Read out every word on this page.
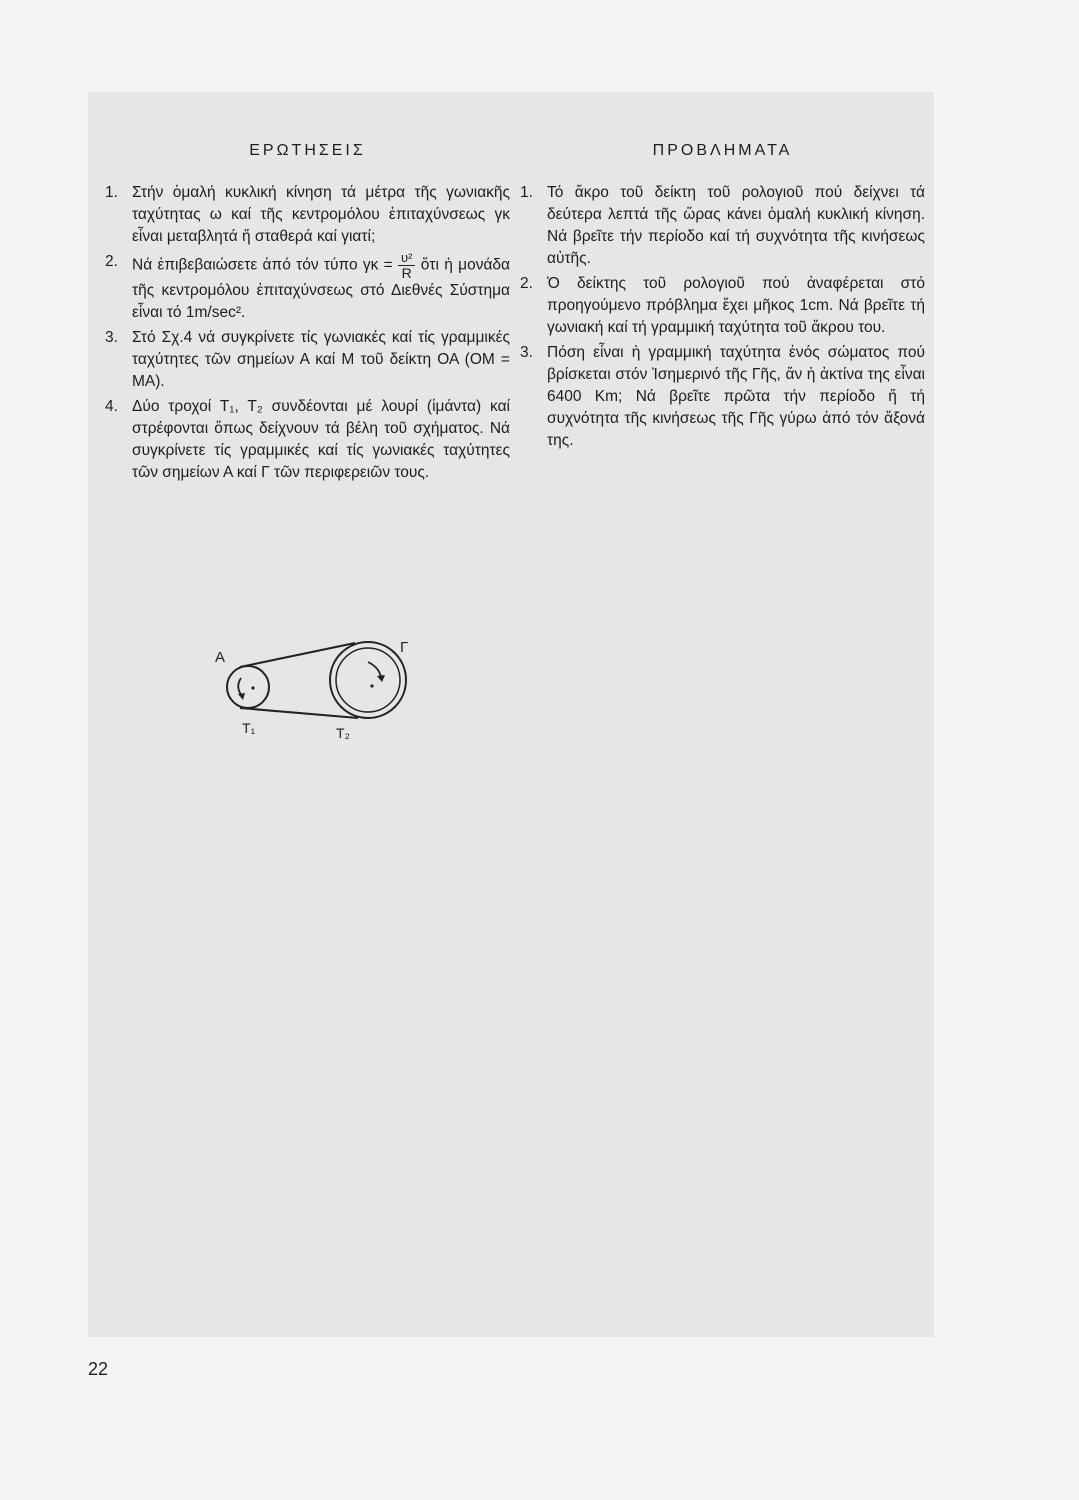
ΕΡΩΤΗΣΕΙΣ
1. Στήν ὁμαλή κυκλική κίνηση τά μέτρα τῆς γωνιακῆς ταχύτητας ω καί τῆς κεντρομόλου ἐπιταχύνσεως γκ εἶναι μεταβλητά ἤ σταθερά καί γιατί;
2. Νά ἐπιβεβαιώσετε ἀπό τόν τύπο $\gamma\kappa = \frac{\text{υ²}}{R}$ ὅτι ἡ μονάδα τῆς κεντρομόλου ἐπιταχύνσεως στό Διεθνές Σύστημα εἶναι τό 1m/sec².
3. Στό Σχ.4 νά συγκρίνετε τίς γωνιακές καί τίς γραμμικές ταχύτητες τῶν σημείων Α καί Μ τοῦ δείκτη ΟΑ (ΟΜ = ΜΑ).
4. Δύο τροχοί Τ₁, Τ₂ συνδέονται μέ λουρί (ἱμάντα) καί στρέφονται ὅπως δείχνουν τά βέλη τοῦ σχήματος. Νά συγκρίνετε τίς γραμμικές καί τίς γωνιακές ταχύτητες τῶν σημείων Α καί Γ τῶν περιφερειῶν τους.
ΠΡΟΒΛΗΜΑΤΑ
1. Τό ἄκρο τοῦ δείκτη τοῦ ρολογιοῦ πού δείχνει τά δεύτερα λεπτά τῆς ὥρας κάνει ὁμαλή κυκλική κίνηση. Νά βρεῖτε τήν περίοδο καί τή συχνότητα τῆς κινήσεως αὐτῆς.
2. Ὁ δείκτης τοῦ ρολογιοῦ πού ἀναφέρεται στό προηγούμενο πρόβλημα ἔχει μῆκος 1cm. Νά βρεῖτε τή γωνιακή καί τή γραμμική ταχύτητα τοῦ ἄκρου του.
3. Πόση εἶναι ἡ γραμμική ταχύτητα ἑνός σώματος πού βρίσκεται στόν Ἰσημερινό τῆς Γῆς, ἄν ἡ ἀκτίνα της εἶναι 6400 Km; Νά βρεῖτε πρῶτα τήν περίοδο ἤ τή συχνότητα τῆς κινήσεως τῆς Γῆς γύρω ἀπό τόν ἄξονά της.
Α
Γ
Τ₁	Τ₂
22
